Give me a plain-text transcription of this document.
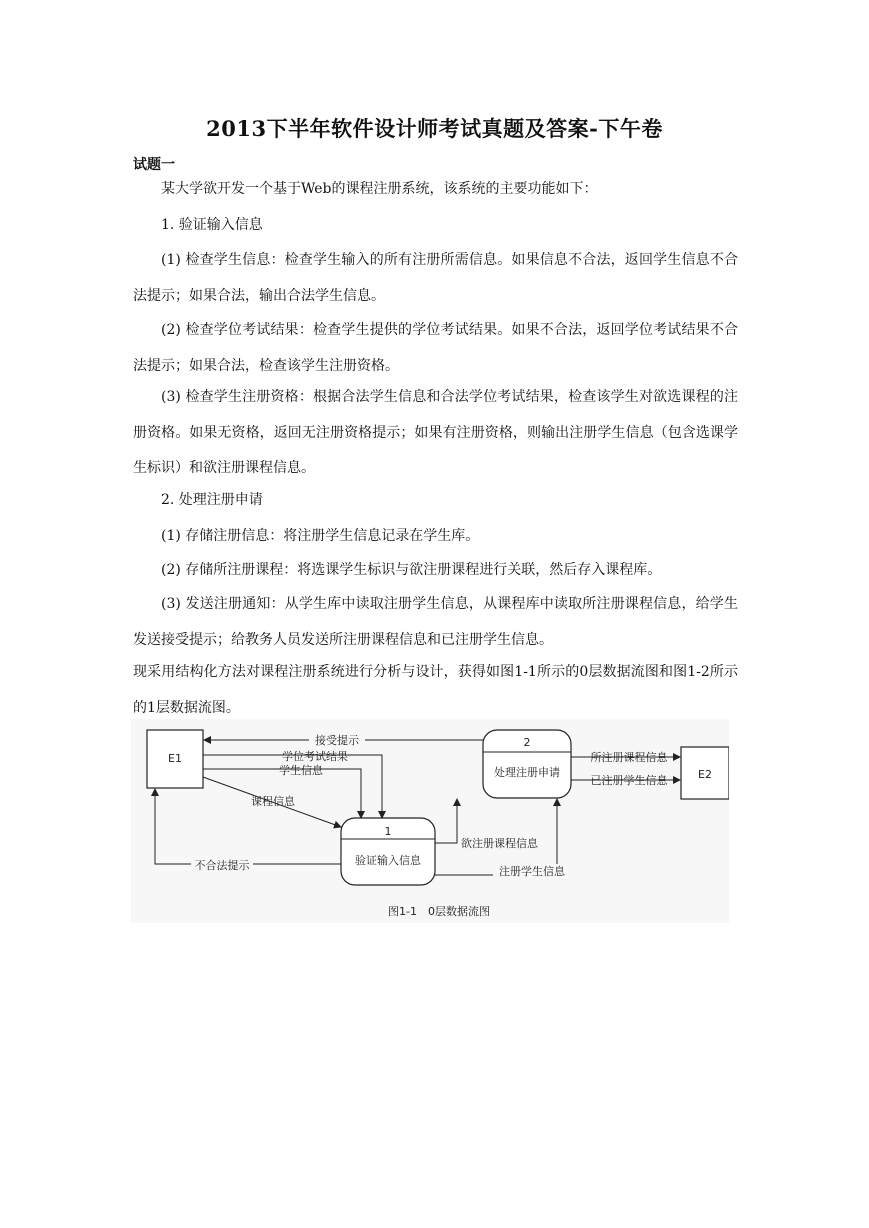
2013下半年软件设计师考试真题及答案-下午卷
试题一
某大学欲开发一个基于Web的课程注册系统，该系统的主要功能如下：
1. 验证输入信息
(1) 检查学生信息：检查学生输入的所有注册所需信息。如果信息不合法，返回学生信息不合法提示；如果合法，输出合法学生信息。
(2) 检查学位考试结果：检查学生提供的学位考试结果。如果不合法，返回学位考试结果不合法提示；如果合法，检查该学生注册资格。
(3) 检查学生注册资格：根据合法学生信息和合法学位考试结果，检查该学生对欲选课程的注册资格。如果无资格，返回无注册资格提示；如果有注册资格，则输出注册学生信息（包含选课学生标识）和欲注册课程信息。
2. 处理注册申请
(1) 存储注册信息：将注册学生信息记录在学生库。
(2) 存储所注册课程：将选课学生标识与欲注册课程进行关联，然后存入课程库。
(3) 发送注册通知：从学生库中读取注册学生信息，从课程库中读取所注册课程信息，给学生发送接受提示；给教务人员发送所注册课程信息和已注册学生信息。
现采用结构化方法对课程注册系统进行分析与设计，获得如图1-1所示的0层数据流图和图1-2所示的1层数据流图。
E1
E2
1
验证输入信息
2
处理注册申请
接受提示
学位考试结果
学生信息
课程信息
不合法提示
欲注册课程信息
注册学生信息
所注册课程信息
已注册学生信息
图1-1　0层数据流图
